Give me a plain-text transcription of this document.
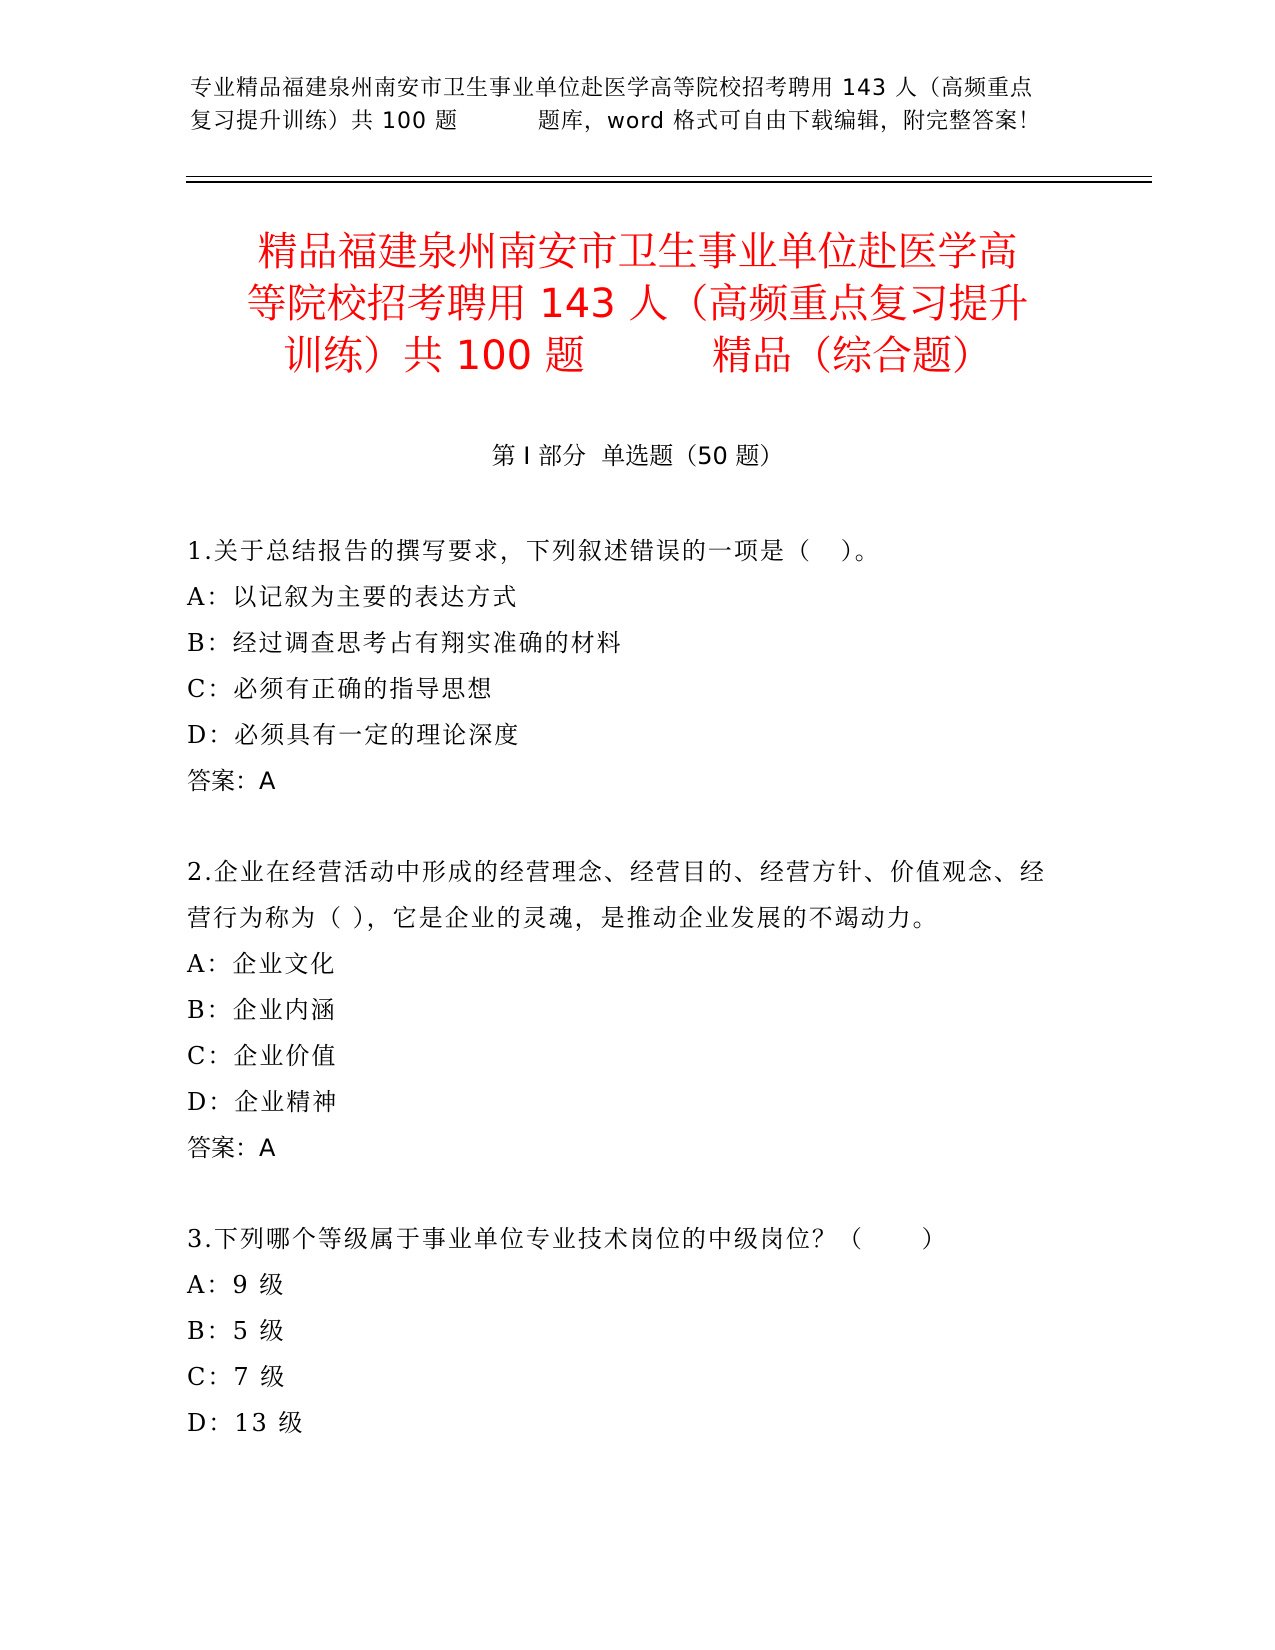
专业精品福建泉州南安市卫生事业单位赴医学高等院校招考聘用 143 人（高频重点
复习提升训练）共 100 题          题库，word 格式可自由下载编辑，附完整答案！
精品福建泉州南安市卫生事业单位赴医学高
等院校招考聘用 143 人（高频重点复习提升
训练）共 100 题          精品（综合题）
第 I 部分  单选题（50 题）
1.关于总结报告的撰写要求，下列叙述错误的一项是（   ）。
A：以记叙为主要的表达方式
B：经过调查思考占有翔实准确的材料
C：必须有正确的指导思想
D：必须具有一定的理论深度
答案：A
2.企业在经营活动中形成的经营理念、经营目的、经营方针、价值观念、经营行为称为（ ），它是企业的灵魂，是推动企业发展的不竭动力。
A：企业文化
B：企业内涵
C：企业价值
D：企业精神
答案：A
3.下列哪个等级属于事业单位专业技术岗位的中级岗位？（      ）
A：9 级
B：5 级
C：7 级
D：13 级
